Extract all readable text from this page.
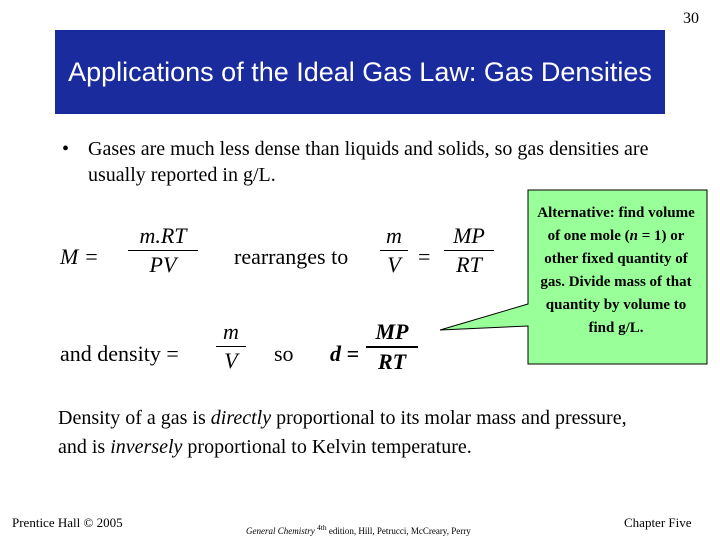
30
Applications of the Ideal Gas Law: Gas Densities
• Gases are much less dense than liquids and solids, so gas densities are usually reported in g/L.
M =
m.RT
PV	rearranges to
m
V =
MP
RT
and density =
m
V	so d =
MP
RT
Alternative: find volume of one mole (n = 1) or other fixed quantity of gas. Divide mass of that quantity by volume to find g/L.
Density of a gas is directly proportional to its molar mass and pressure, and is inversely proportional to Kelvin temperature.
Prentice Hall © 2005
General Chemistry $^{4th}$ edition, Hill, Petrucci, McCreary, Perry
Chapter Five
